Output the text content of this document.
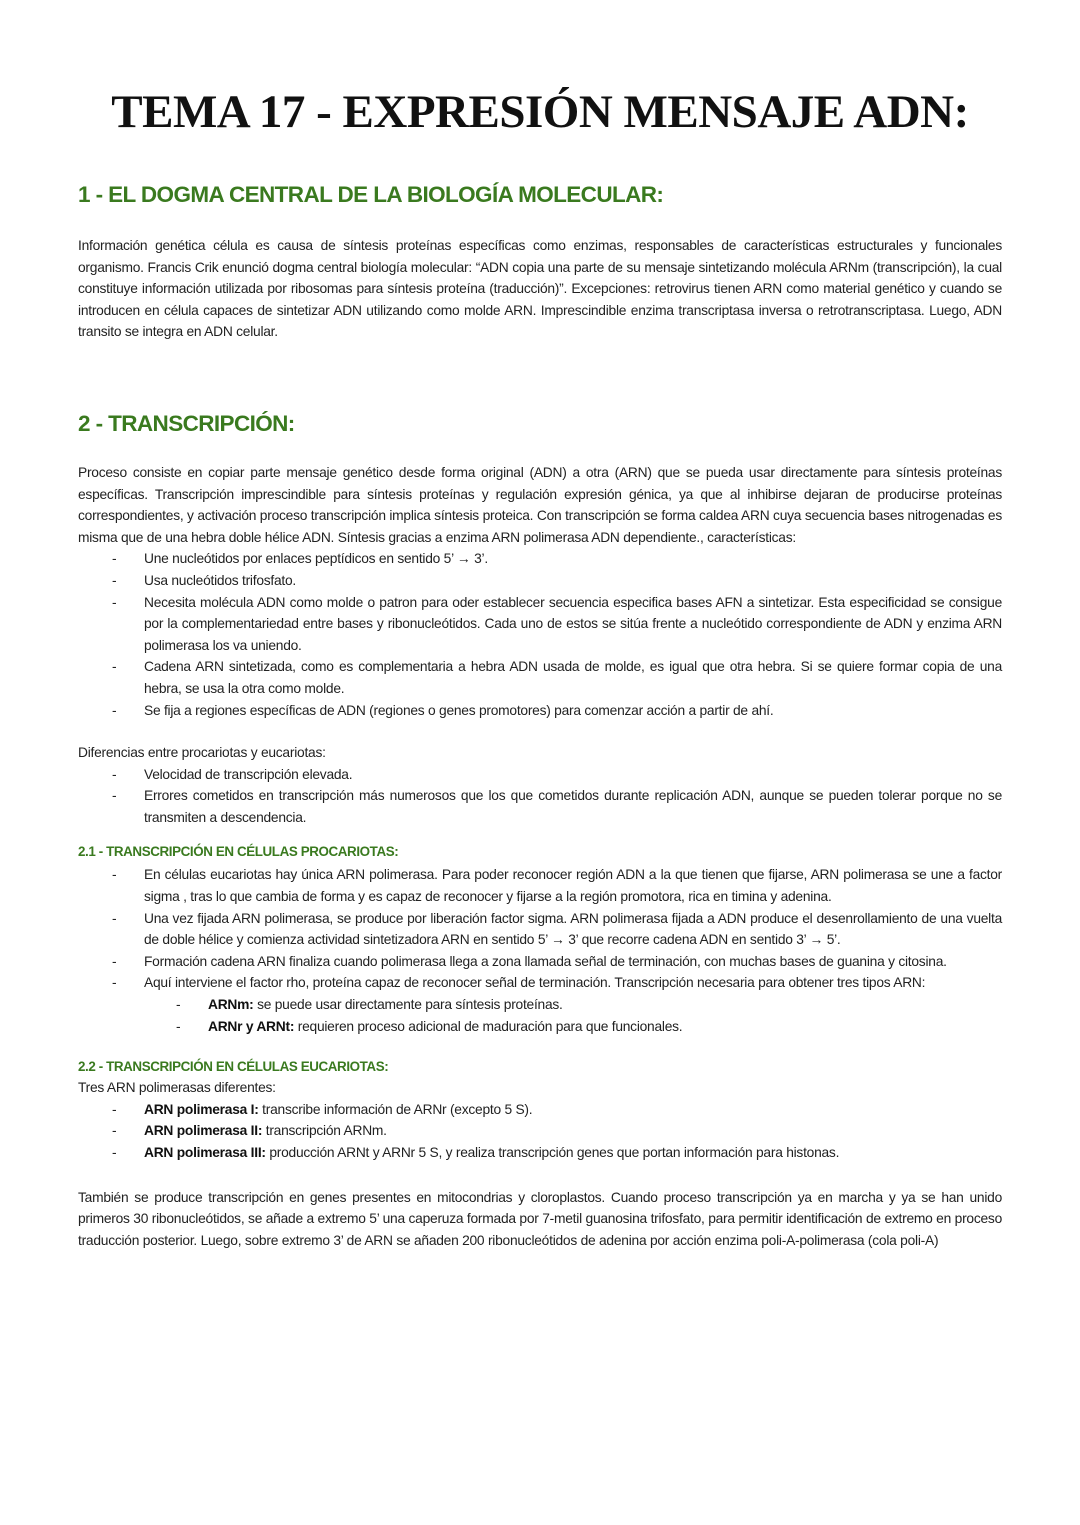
TEMA 17 - EXPRESIÓN MENSAJE ADN:
1 - EL DOGMA CENTRAL DE LA BIOLOGÍA MOLECULAR:

Información genética célula es causa de síntesis proteínas específicas como enzimas, responsables de características estructurales y funcionales organismo. Francis Crik enunció dogma central biología molecular: “ADN copia una parte de su mensaje sintetizando molécula ARNm (transcripción), la cual constituye información utilizada por ribosomas para síntesis proteína (traducción)”. Excepciones: retrovirus tienen ARN como material genético y cuando se introducen en célula capaces de sintetizar ADN utilizando como molde ARN. Imprescindible enzima transcriptasa inversa o retrotranscriptasa. Luego, ADN transito se integra en ADN celular.

2 - TRANSCRIPCIÓN:

Proceso consiste en copiar parte mensaje genético desde forma original (ADN) a otra (ARN) que se pueda usar directamente para síntesis proteínas específicas. Transcripción imprescindible para síntesis proteínas y regulación expresión génica, ya que al inhibirse dejaran de producirse proteínas correspondientes, y activación proceso transcripción implica síntesis proteica. Con transcripción se forma caldea ARN cuya secuencia bases nitrogenadas es misma que de una hebra doble hélice ADN. Síntesis gracias a enzima ARN polimerasa ADN dependiente., características:

- Une nucleótidos por enlaces peptídicos en sentido 5’ → 3’.
- Usa nucleótidos trifosfato.
- Necesita molécula ADN como molde o patron para oder establecer secuencia especifica bases AFN a sintetizar. Esta especificidad se consigue por la complementariedad entre bases y ribonucleótidos. Cada uno de estos se sitúa frente a nucleótido correspondiente de ADN y enzima ARN polimerasa los va uniendo.
- Cadena ARN sintetizada, como es complementaria a hebra ADN usada de molde, es igual que otra hebra. Si se quiere formar copia de una hebra, se usa la otra como molde.
- Se fija a regiones específicas de ADN (regiones o genes promotores) para comenzar acción a partir de ahí.

Diferencias entre procariotas y eucariotas:

- Velocidad de transcripción elevada.
- Errores cometidos en transcripción más numerosos que los que cometidos durante replicación ADN, aunque se pueden tolerar porque no se transmiten a descendencia.
2.1 - TRANSCRIPCIÓN EN CÉLULAS PROCARIOTAS:
- En células eucariotas hay única ARN polimerasa. Para poder reconocer región ADN a la que tienen que fijarse, ARN polimerasa se une a factor sigma , tras lo que cambia de forma y es capaz de reconocer y fijarse a la región promotora, rica en timina y adenina.
- Una vez fijada ARN polimerasa, se produce por liberación factor sigma. ARN polimerasa fijada a ADN produce el desenrollamiento de una vuelta de doble hélice y comienza actividad sintetizadora ARN en sentido 5’ → 3’ que recorre cadena ADN en sentido 3’ → 5’.
- Formación cadena ARN finaliza cuando polimerasa llega a zona llamada señal de terminación, con muchas bases de guanina y citosina.
- Aquí interviene el factor rho, proteína capaz de reconocer señal de terminación. Transcripción necesaria para obtener tres tipos ARN:
- ARNm: se puede usar directamente para síntesis proteínas.
- ARNr y ARNt: requieren proceso adicional de maduración para que funcionales.
2.2 - TRANSCRIPCIÓN EN CÉLULAS EUCARIOTAS:

Tres ARN polimerasas diferentes:

- ARN polimerasa I: transcribe información de ARNr (excepto 5 S).
- ARN polimerasa II: transcripción ARNm.
- ARN polimerasa III: producción ARNt y ARNr 5 S, y realiza transcripción genes que portan información para histonas.

También se produce transcripción en genes presentes en mitocondrias y cloroplastos. Cuando proceso transcripción ya en marcha y ya se han unido primeros 30 ribonucleótidos, se añade a extremo 5’ una caperuza formada por 7-metil guanosina trifosfato, para permitir identificación de extremo en proceso traducción posterior. Luego, sobre extremo 3’ de ARN se añaden 200 ribonucleótidos de adenina por acción enzima poli-A-polimerasa (cola poli-A)
